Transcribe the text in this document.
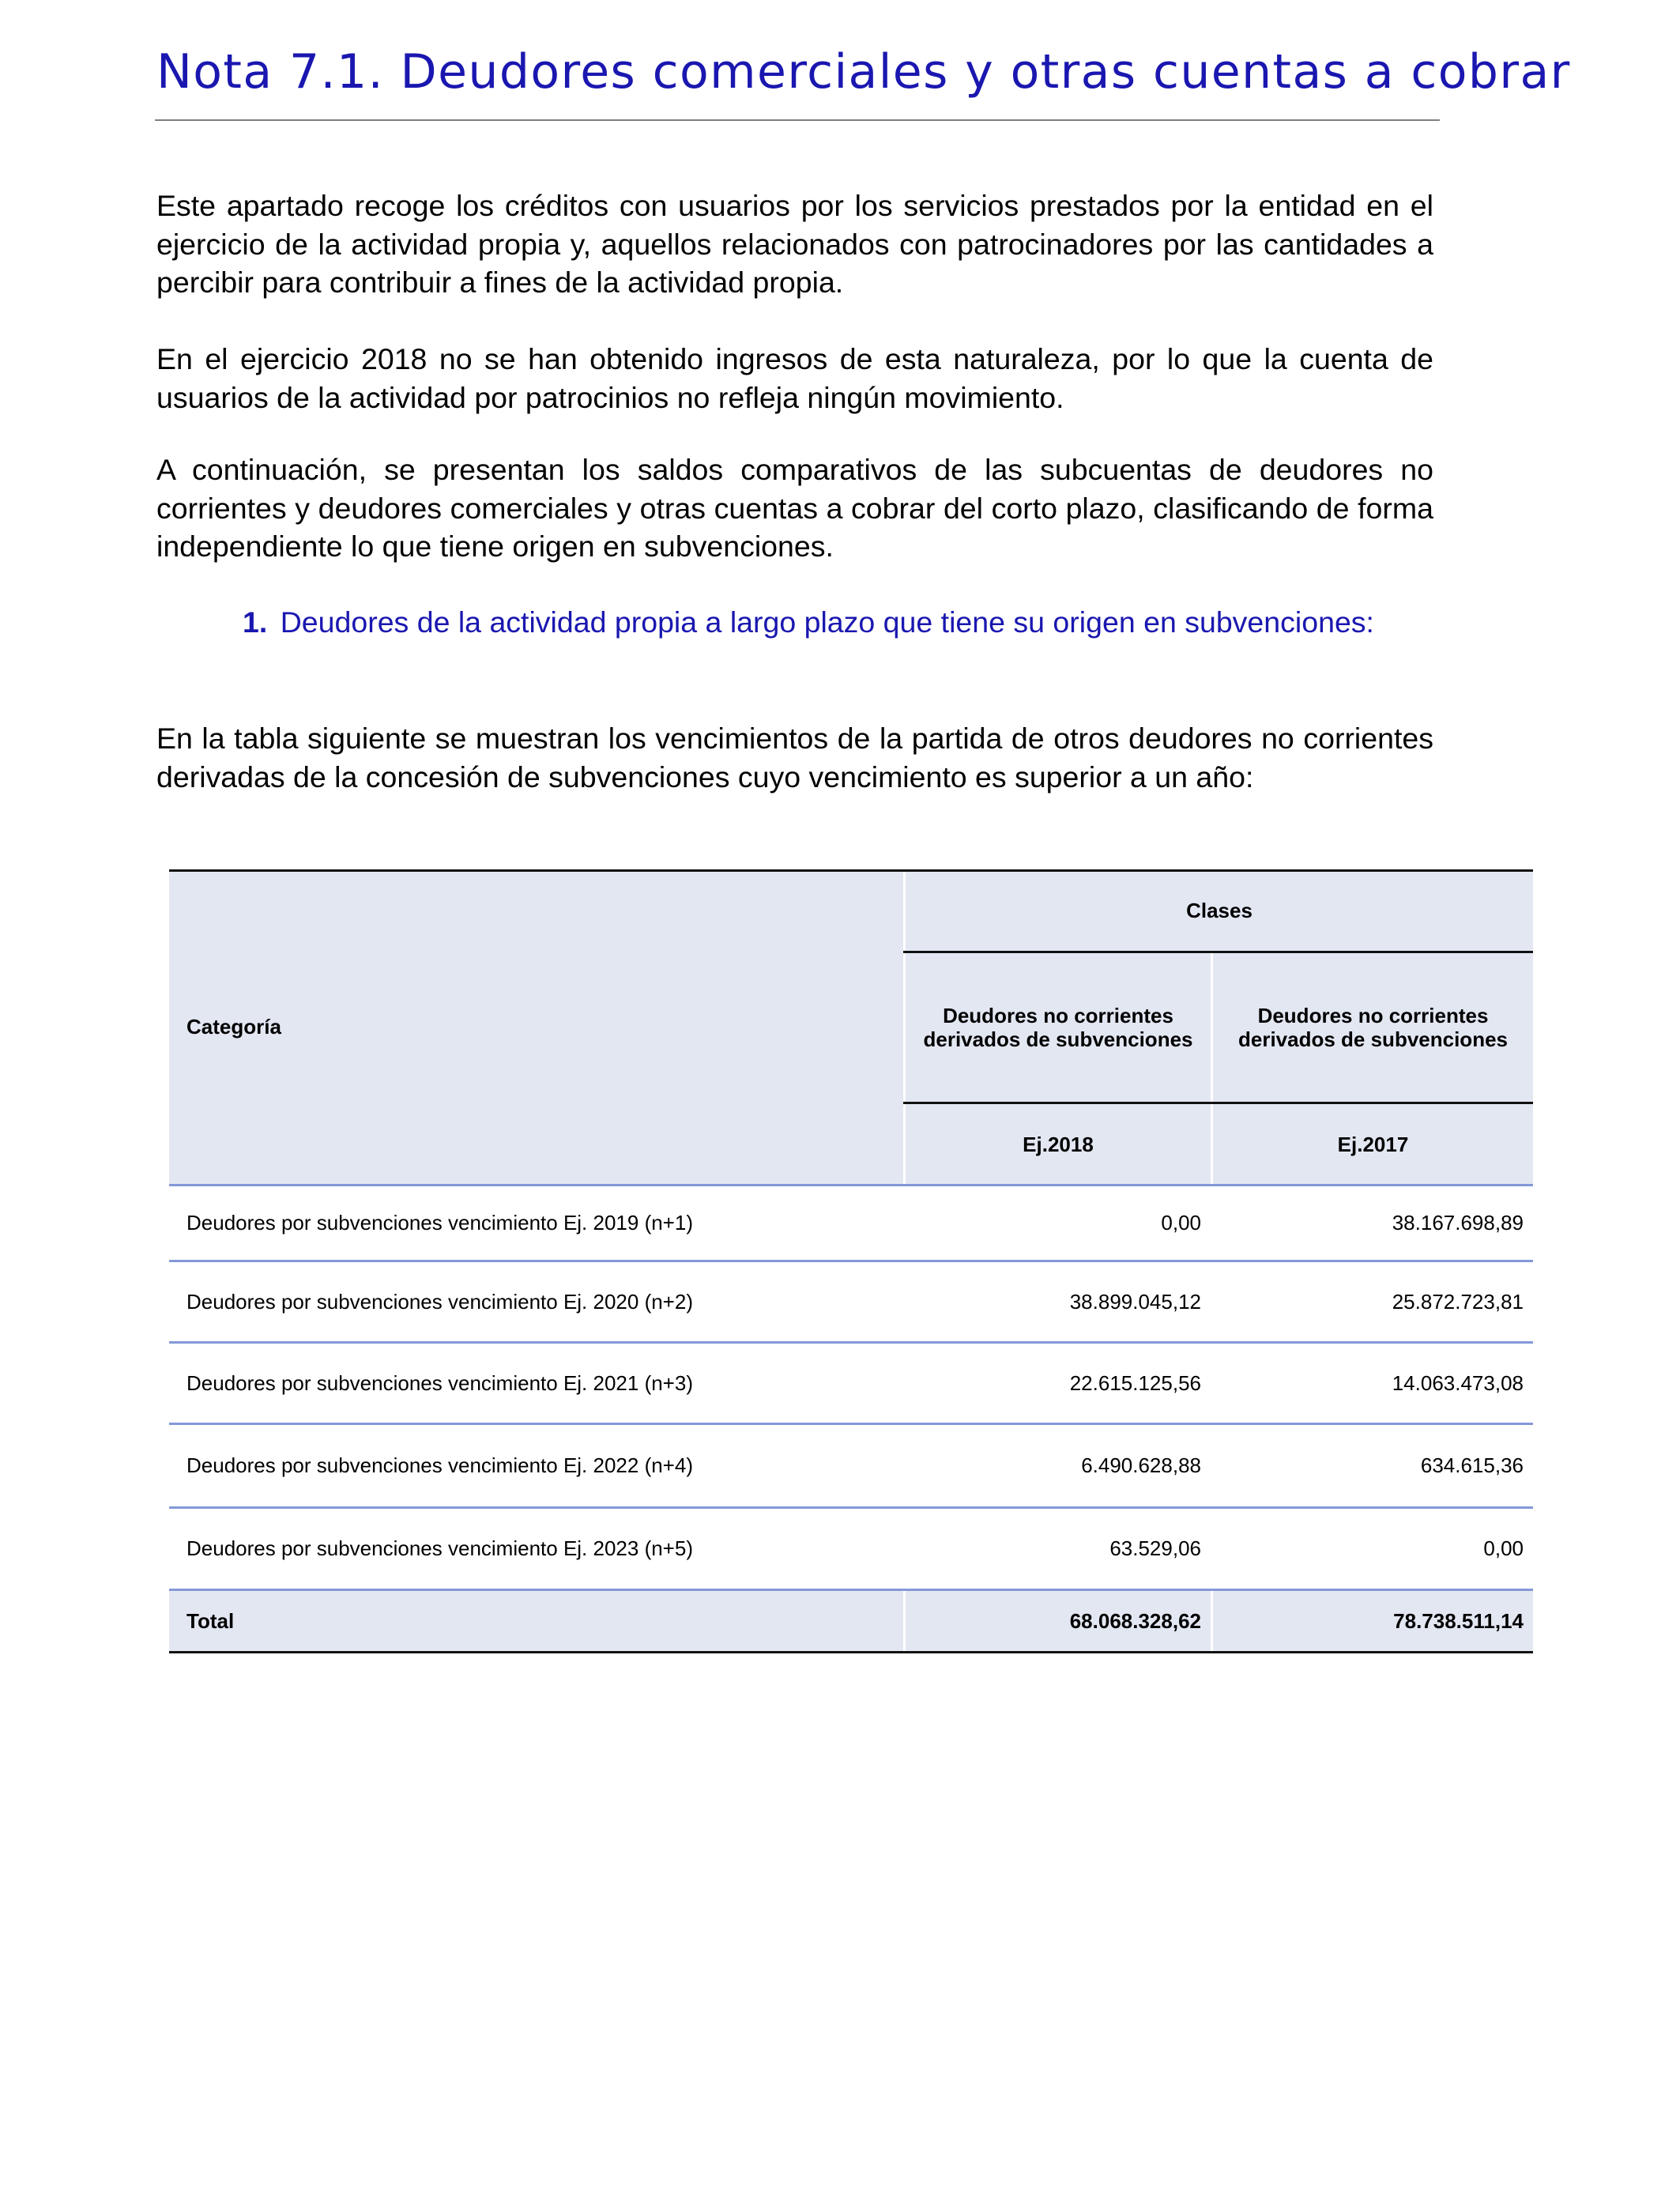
Nota 7.1. Deudores comerciales y otras cuentas a cobrar

Este apartado recoge los créditos con usuarios por los servicios prestados por la entidad en el ejercicio de la actividad propia y, aquellos relacionados con patrocinadores por las cantidades a percibir para contribuir a fines de la actividad propia.

En el ejercicio 2018 no se han obtenido ingresos de esta naturaleza, por lo que la cuenta de usuarios de la actividad por patrocinios no refleja ningún movimiento.

A continuación, se presentan los saldos comparativos de las subcuentas de deudores no corrientes y deudores comerciales y otras cuentas a cobrar del corto plazo, clasificando de forma independiente lo que tiene origen en subvenciones.

1. Deudores de la actividad propia a largo plazo que tiene su origen en subvenciones:

En la tabla siguiente se muestran los vencimientos de la partida de otros deudores no corrientes derivadas de la concesión de subvenciones cuyo vencimiento es superior a un año:

Categoría
Clases
Deudores no corrientes derivados de subvenciones
Deudores no corrientes derivados de subvenciones
Ej.2018	Ej.2017
Deudores por subvenciones vencimiento Ej. 2019 (n+1)	0,00	38.167.698,89
Deudores por subvenciones vencimiento Ej. 2020 (n+2)	38.899.045,12	25.872.723,81
Deudores por subvenciones vencimiento Ej. 2021 (n+3)	22.615.125,56	14.063.473,08
Deudores por subvenciones vencimiento Ej. 2022 (n+4)	6.490.628,88	634.615,36
Deudores por subvenciones vencimiento Ej. 2023 (n+5)	63.529,06	0,00
Total	68.068.328,62	78.738.511,14
